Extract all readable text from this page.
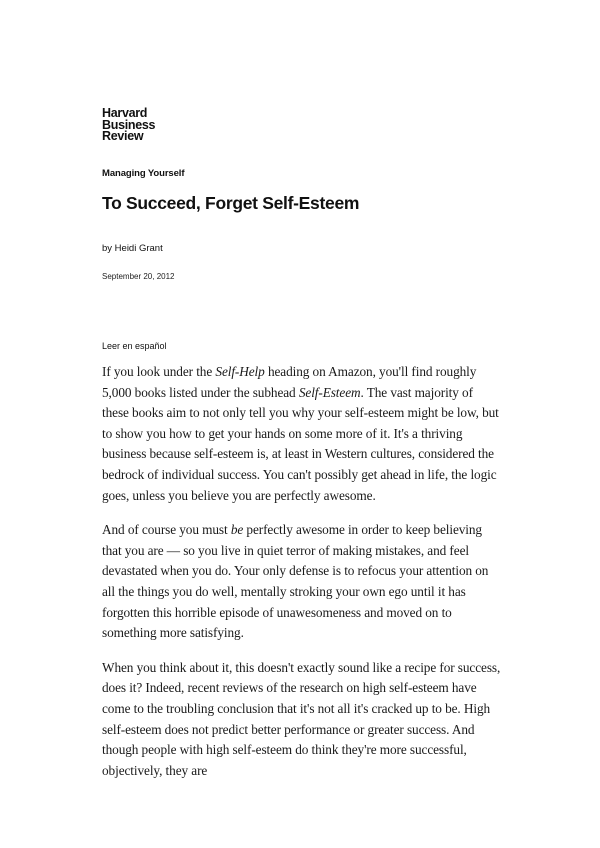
Harvard
Business
Review
Managing Yourself
To Succeed, Forget Self-Esteem
by Heidi Grant
September 20, 2012
Leer en español

If you look under the Self-Help heading on Amazon, you'll find roughly 5,000 books listed under the subhead Self-Esteem. The vast majority of these books aim to not only tell you why your self-esteem might be low, but to show you how to get your hands on some more of it. It's a thriving business because self-esteem is, at least in Western cultures, considered the bedrock of individual success. You can't possibly get ahead in life, the logic goes, unless you believe you are perfectly awesome.

And of course you must be perfectly awesome in order to keep believing that you are — so you live in quiet terror of making mistakes, and feel devastated when you do. Your only defense is to refocus your attention on all the things you do well, mentally stroking your own ego until it has forgotten this horrible episode of unawesomeness and moved on to something more satisfying.

When you think about it, this doesn't exactly sound like a recipe for success, does it? Indeed, recent reviews of the research on high self-esteem have come to the troubling conclusion that it's not all it's cracked up to be. High self-esteem does not predict better performance or greater success. And though people with high self-esteem do think they're more successful, objectively, they are
